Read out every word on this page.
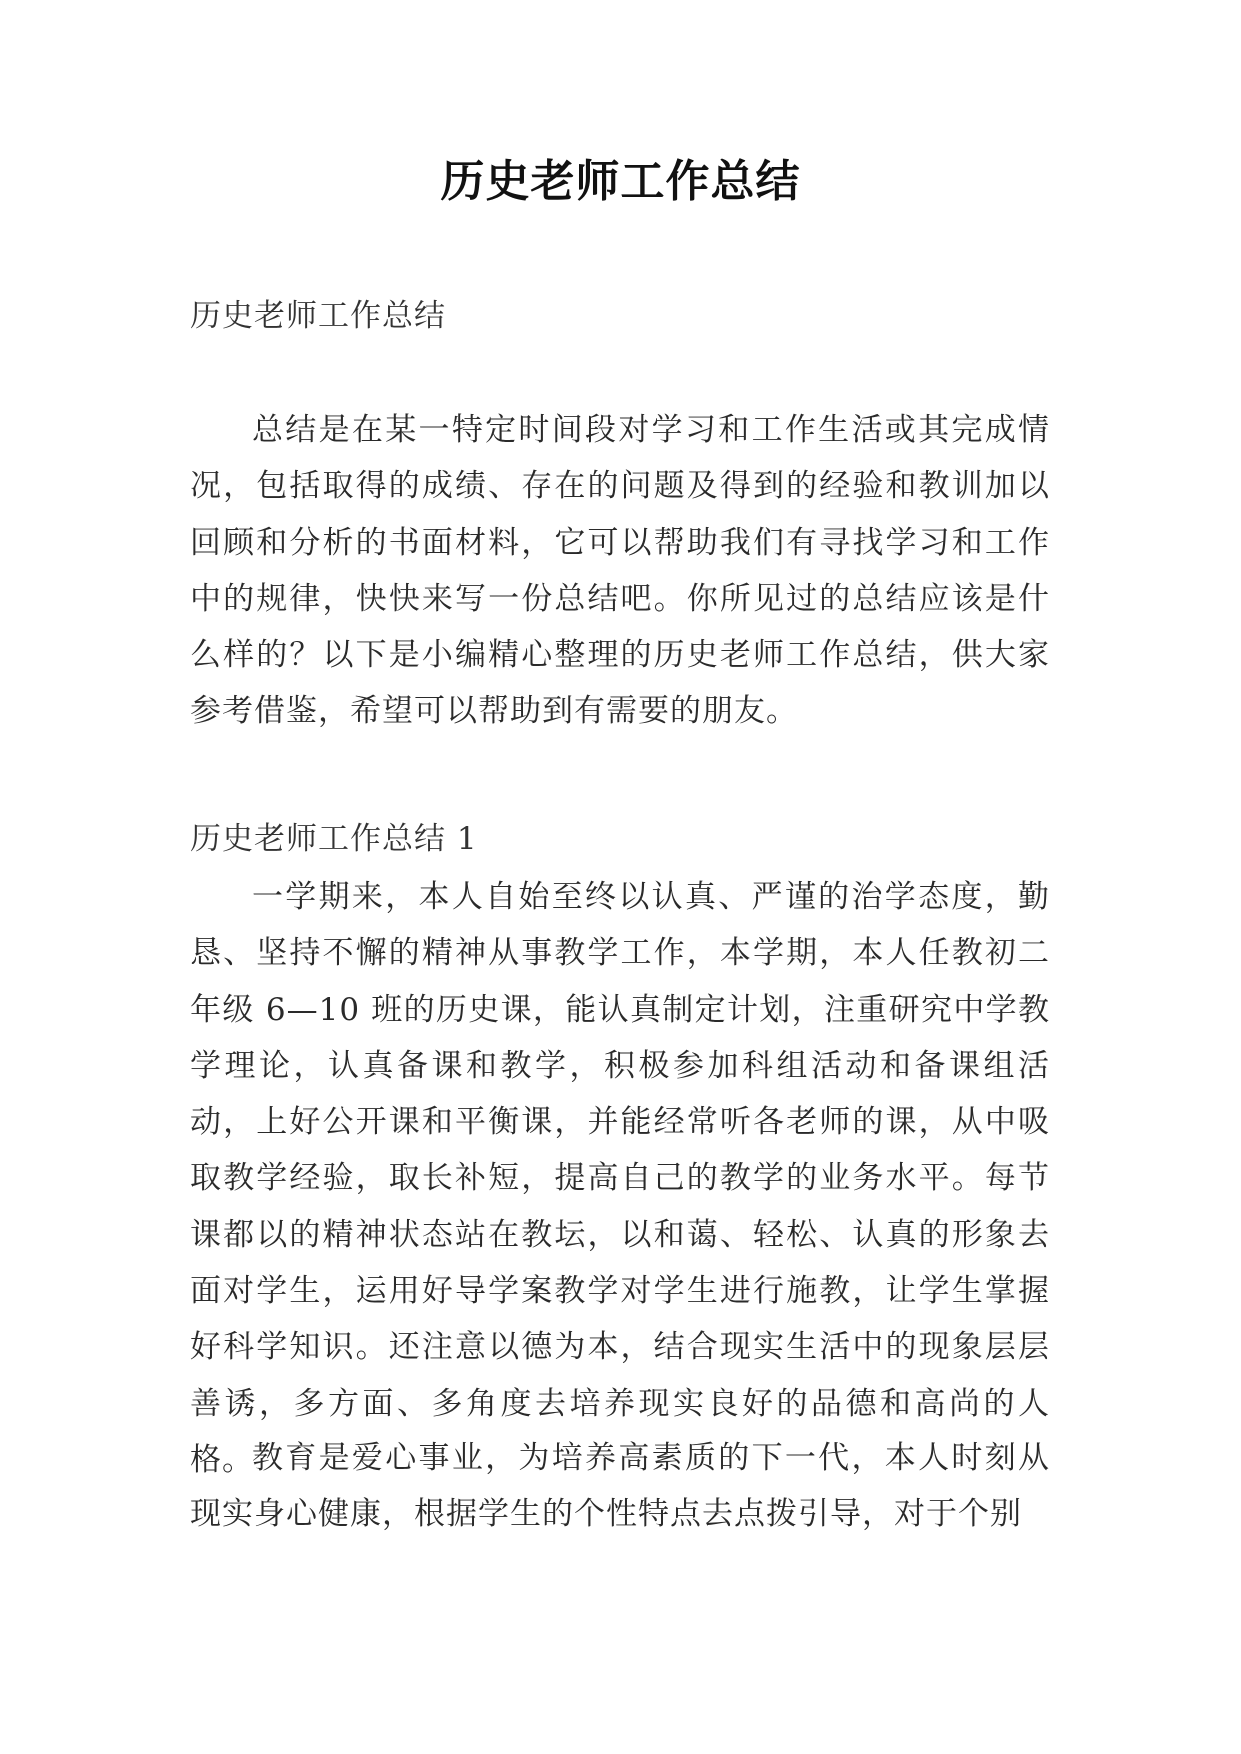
历史老师工作总结
历史老师工作总结

总结是在某一特定时间段对学习和工作生活或其完成情况，包括取得的成绩、存在的问题及得到的经验和教训加以回顾和分析的书面材料，它可以帮助我们有寻找学习和工作中的规律，快快来写一份总结吧。你所见过的总结应该是什么样的？以下是小编精心整理的历史老师工作总结，供大家参考借鉴，希望可以帮助到有需要的朋友。

历史老师工作总结 1

一学期来，本人自始至终以认真、严谨的治学态度，勤恳、坚持不懈的精神从事教学工作，本学期，本人任教初二年级 6—10 班的历史课，能认真制定计划，注重研究中学教学理论，认真备课和教学，积极参加科组活动和备课组活动，上好公开课和平衡课，并能经常听各老师的课，从中吸取教学经验，取长补短，提高自己的教学的业务水平。每节课都以的精神状态站在教坛，以和蔼、轻松、认真的形象去面对学生，运用好导学案教学对学生进行施教，让学生掌握好科学知识。还注意以德为本，结合现实生活中的现象层层善诱，多方面、多角度去培养现实良好的品德和高尚的人格。

教育是爱心事业，为培养高素质的下一代，本人时刻从现实身心健康，根据学生的个性特点去点拨引导，对于个别
